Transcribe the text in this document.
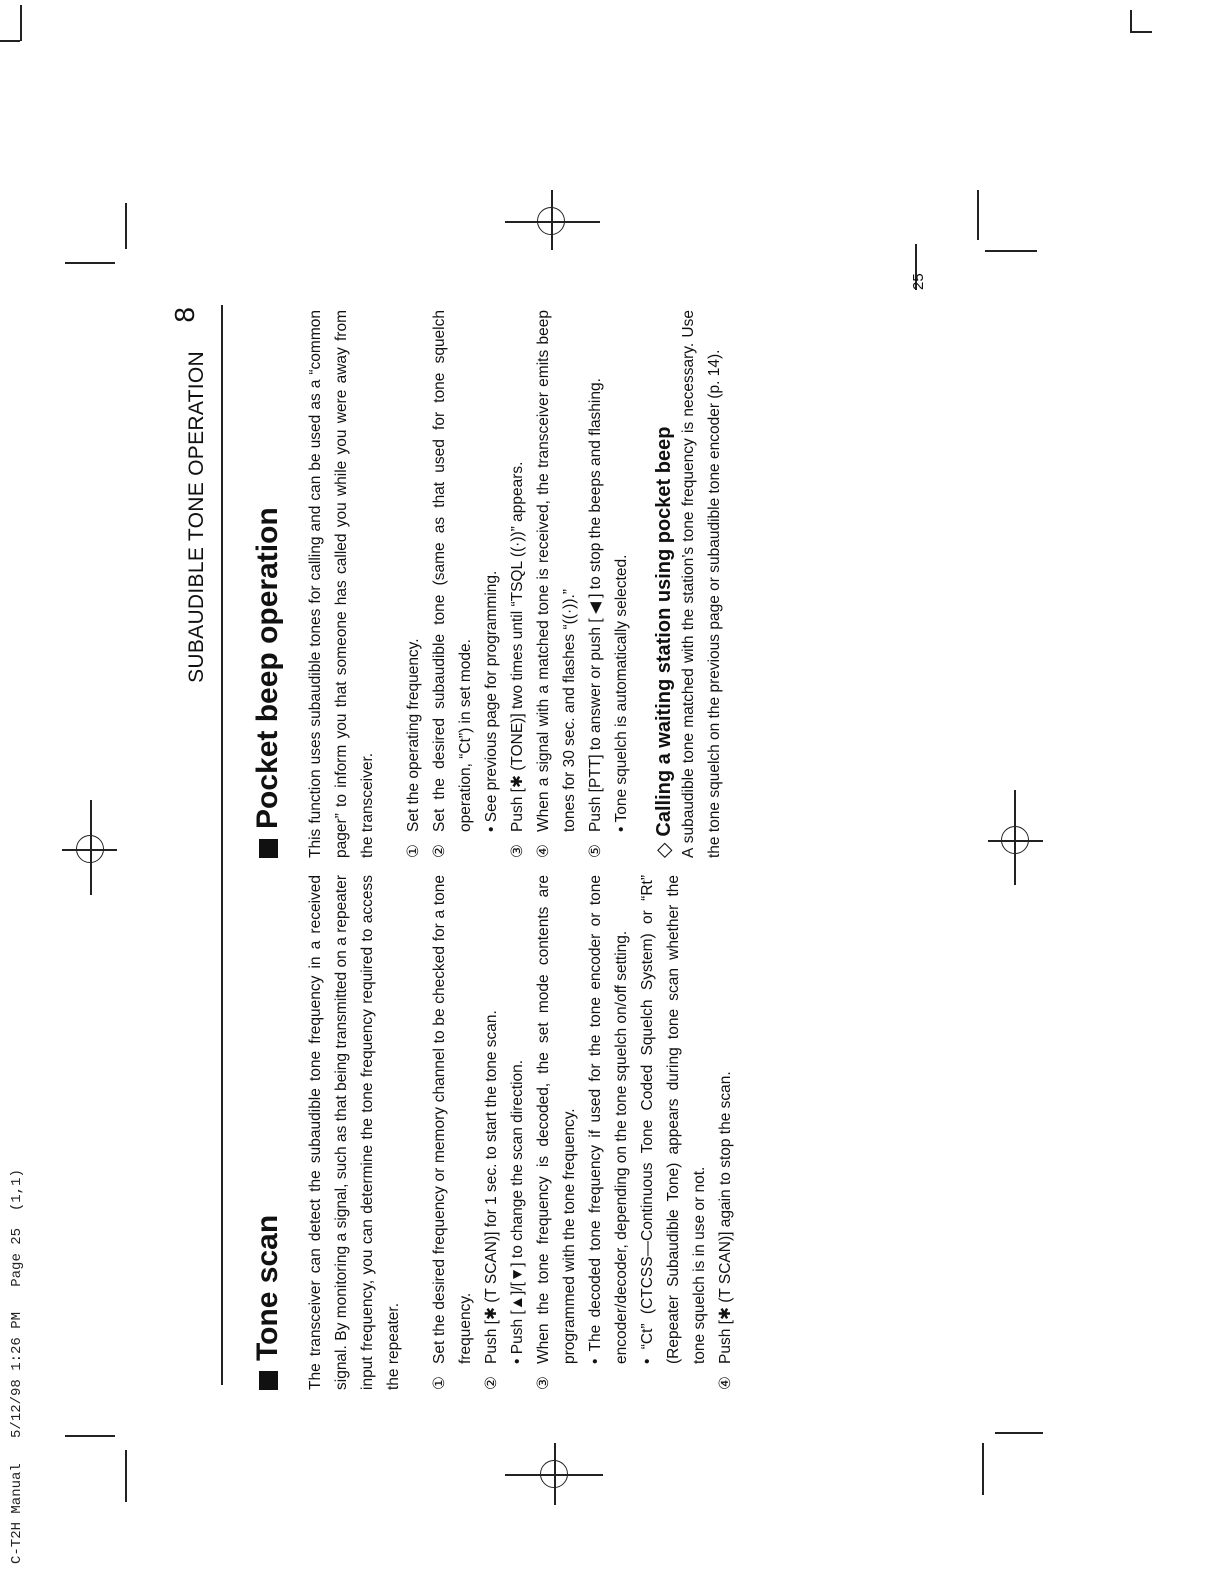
C-T2H Manual   5/12/98 1:26 PM   Page 25  (1,1)
SUBAUDIBLE TONE OPERATION
8
25
Tone scan The transceiver can detect the subaudible tone frequency in a received signal. By monitoring a signal, such as that being transmitted on a repeater input frequency, you can determine the tone frequency required to access the repeater.	①
Set the desired frequency or memory channel to be checked for a tone frequency.
②
Push [✱ (T SCAN)] for 1 sec. to start the tone scan. • Push [▲]/[▼] to change the scan direction.
③
When the tone frequency is decoded, the set mode contents are programmed with the tone frequency. • The decoded tone frequency if used for the tone encoder or tone encoder/decoder, depending on the tone squelch on/off setting. • “Ct” (CTCSS—Continuous Tone Coded Squelch System) or “Rt” (Repeater Subaudible Tone) appears during tone scan whether the tone squelch is in use or not.
④
Push [✱ (T SCAN)] again to stop the scan.
Pocket beep operation This function uses subaudible tones for calling and can be used as a “common pager” to inform you that someone has called you while you were away from the transceiver.	①
Set the operating frequency.
②
Set the desired subaudible tone (same as that used for tone squelch operation, “Ct”) in set mode. • See previous page for programming.
③
Push [✱ (TONE)] two times until “TSQL ((·))” appears.
④
When a signal with a matched tone is received, the transceiver emits beep tones for 30 sec. and flashes “((·)).”
⑤
Push [PTT] to answer or push [ ◀ ] to stop the beeps and flashing. • Tone squelch is automatically selected.
◇Calling a waiting station using pocket beep A subaudible tone matched with the station’s tone frequency is necessary. Use the tone squelch on the previous page or subaudible tone encoder (p. 14).
